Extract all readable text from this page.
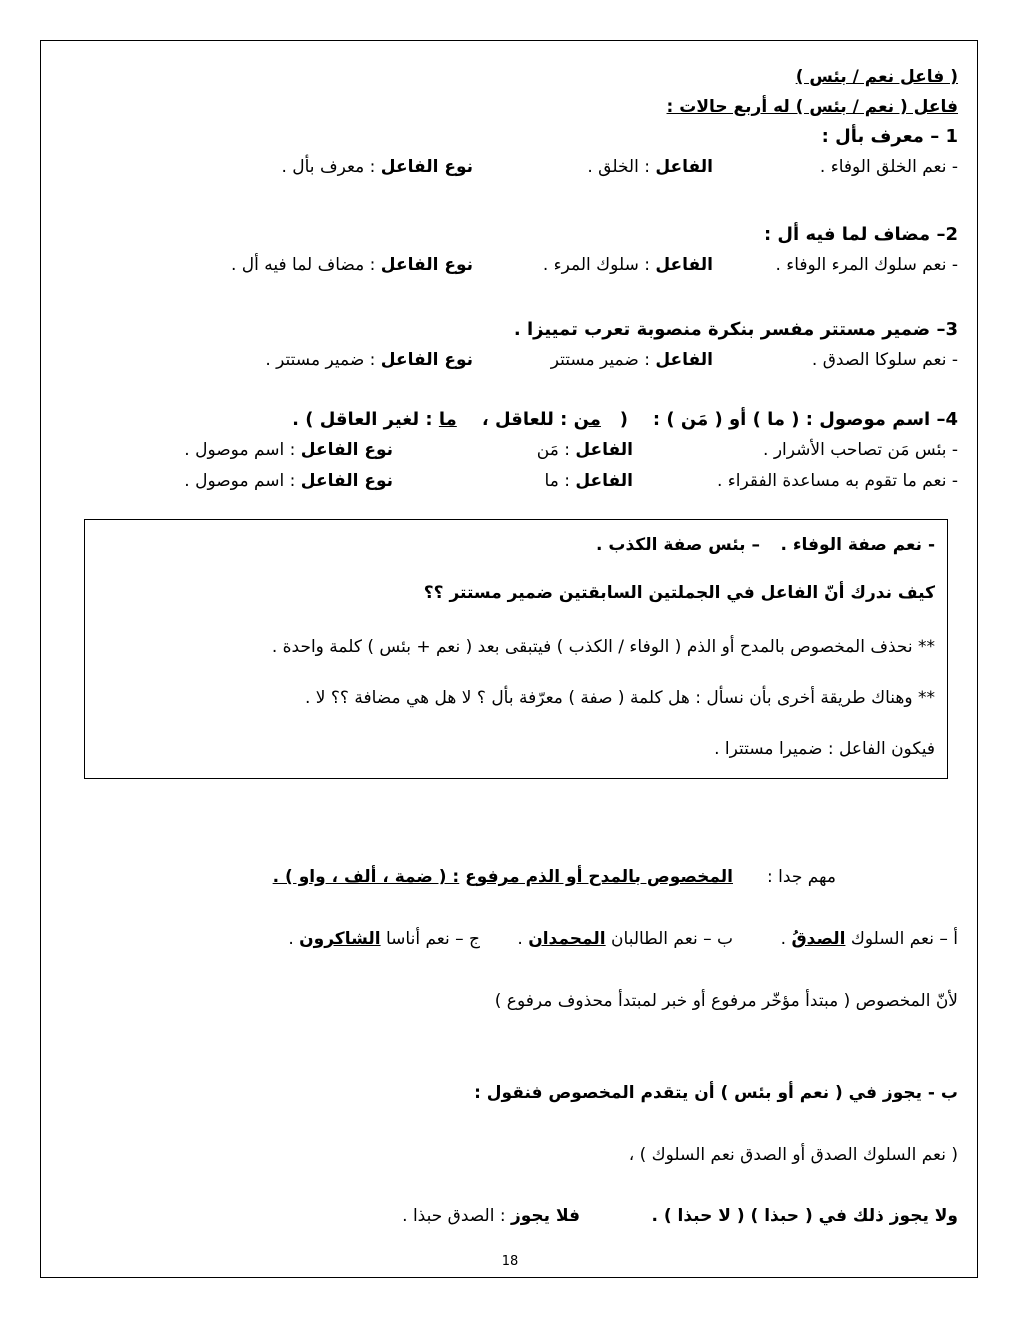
( فاعل نعم / بئس )
فاعل ( نعم / بئس ) له أربع حالات :
1 – معرف بأل :
- نعم الخلق الوفاء .
الفاعل : الخلق .
نوع الفاعل : معرف بأل .
2– مضاف لما فيه أل :
- نعم سلوك المرء الوفاء .
الفاعل : سلوك المرء .
نوع الفاعل : مضاف لما فيه أل .
3– ضمير مستتر مفسر بنكرة منصوبة تعرب تمييزا .
- نعم سلوكا الصدق .
الفاعل : ضمير مستتر
نوع الفاعل : ضمير مستتر .
4– اسم موصول : ( ما ) أو ( مَن ) :
(   من : للعاقل ،    ما : لغير العاقل ) .
- بئس مَن تصاحب الأشرار .
الفاعل : مَن
نوع الفاعل : اسم موصول .
- نعم ما تقوم به مساعدة الفقراء .
الفاعل : ما
نوع الفاعل : اسم موصول .
- نعم صفة الوفاء .
– بئس صفة الكذب .
كيف ندرك أنّ الفاعل في الجملتين السابقتين ضمير مستتر ؟؟
** نحذف المخصوص بالمدح أو الذم ( الوفاء / الكذب ) فيتبقى بعد ( نعم + بئس ) كلمة واحدة .
** وهناك طريقة أخرى بأن نسأل : هل كلمة ( صفة ) معرّفة بأل ؟ لا هل هي مضافة ؟؟ لا .
فيكون الفاعل : ضميرا مستترا .
مهم جدا :
المخصوص بالمدح أو الذم مرفوع : ( ضمة ، ألف ، واو ) .
أ – نعم السلوك الصدقُ .
ب – نعم الطالبان المحمدان .
ج – نعم أناسا الشاكرون .
لأنّ المخصوص ( مبتدأ مؤخّر مرفوع أو خبر لمبتدأ محذوف مرفوع )
ب - يجوز في ( نعم أو بئس ) أن يتقدم المخصوص فنقول :
( نعم السلوك الصدق أو الصدق نعم السلوك ) ،
ولا يجوز ذلك في ( حبذا ) ( لا حبذا ) .
فلا يجوز : الصدق حبذا .
18
